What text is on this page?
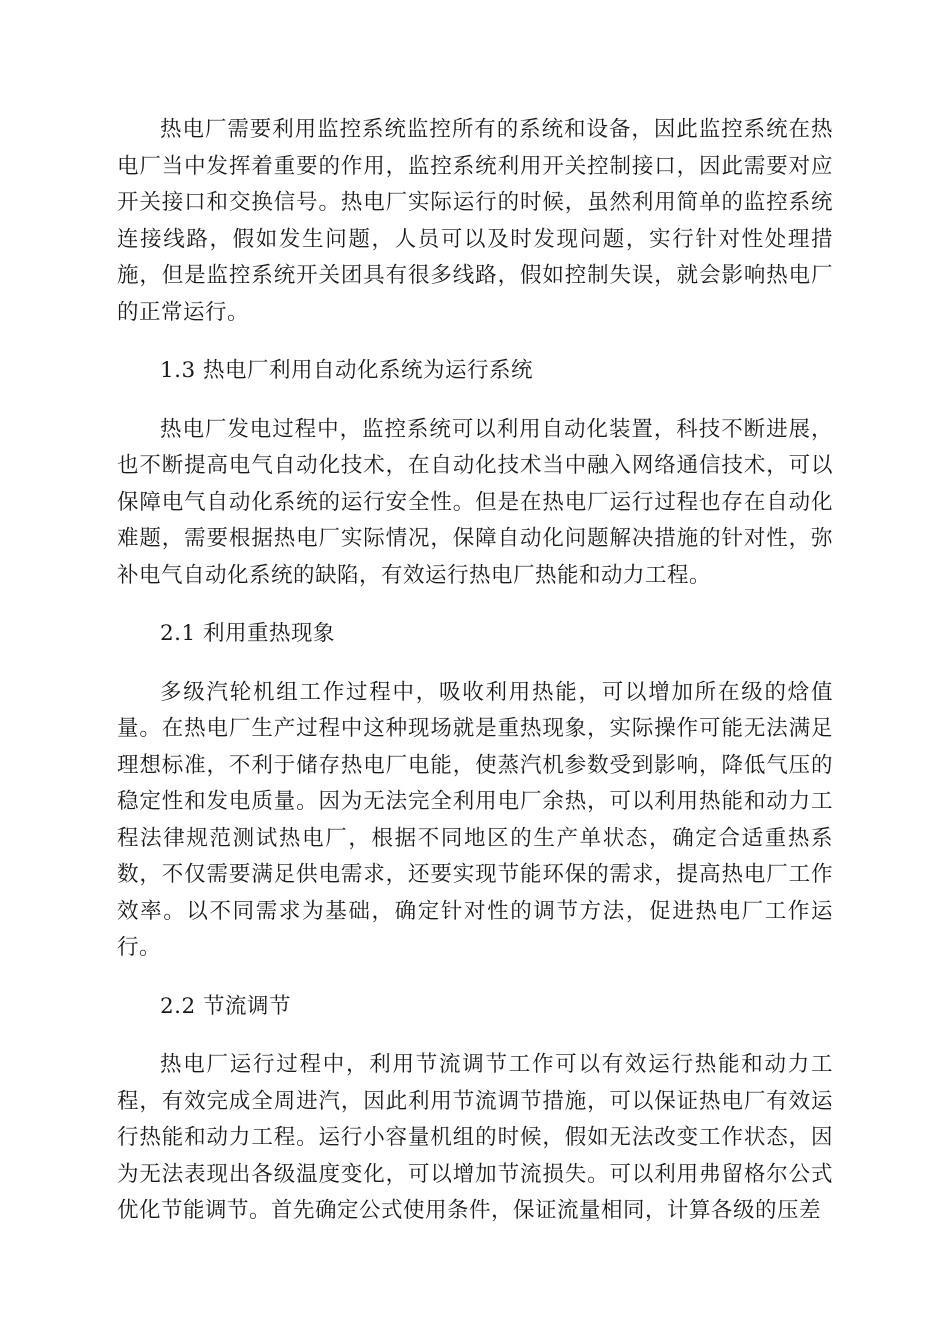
热电厂需要利用监控系统监控所有的系统和设备，因此监控系统在热电厂当中发挥着重要的作用，监控系统利用开关控制接口，因此需要对应开关接口和交换信号。热电厂实际运行的时候，虽然利用简单的监控系统连接线路，假如发生问题，人员可以及时发现问题，实行针对性处理措施，但是监控系统开关团具有很多线路，假如控制失误，就会影响热电厂的正常运行。

1.3 热电厂利用自动化系统为运行系统

热电厂发电过程中，监控系统可以利用自动化装置，科技不断进展，也不断提高电气自动化技术，在自动化技术当中融入网络通信技术，可以保障电气自动化系统的运行安全性。但是在热电厂运行过程也存在自动化难题，需要根据热电厂实际情况，保障自动化问题解决措施的针对性，弥补电气自动化系统的缺陷，有效运行热电厂热能和动力工程。

2.1 利用重热现象

多级汽轮机组工作过程中，吸收利用热能，可以增加所在级的焓值量。在热电厂生产过程中这种现场就是重热现象，实际操作可能无法满足理想标准，不利于储存热电厂电能，使蒸汽机参数受到影响，降低气压的稳定性和发电质量。因为无法完全利用电厂余热，可以利用热能和动力工程法律规范测试热电厂，根据不同地区的生产单状态，确定合适重热系数，不仅需要满足供电需求，还要实现节能环保的需求，提高热电厂工作效率。以不同需求为基础，确定针对性的调节方法，促进热电厂工作运行。

2.2 节流调节

热电厂运行过程中，利用节流调节工作可以有效运行热能和动力工程，有效完成全周进汽，因此利用节流调节措施，可以保证热电厂有效运行热能和动力工程。运行小容量机组的时候，假如无法改变工作状态，因为无法表现出各级温度变化，可以增加节流损失。可以利用弗留格尔公式优化节能调节。首先确定公式使用条件，保证流量相同，计算各级的压差
